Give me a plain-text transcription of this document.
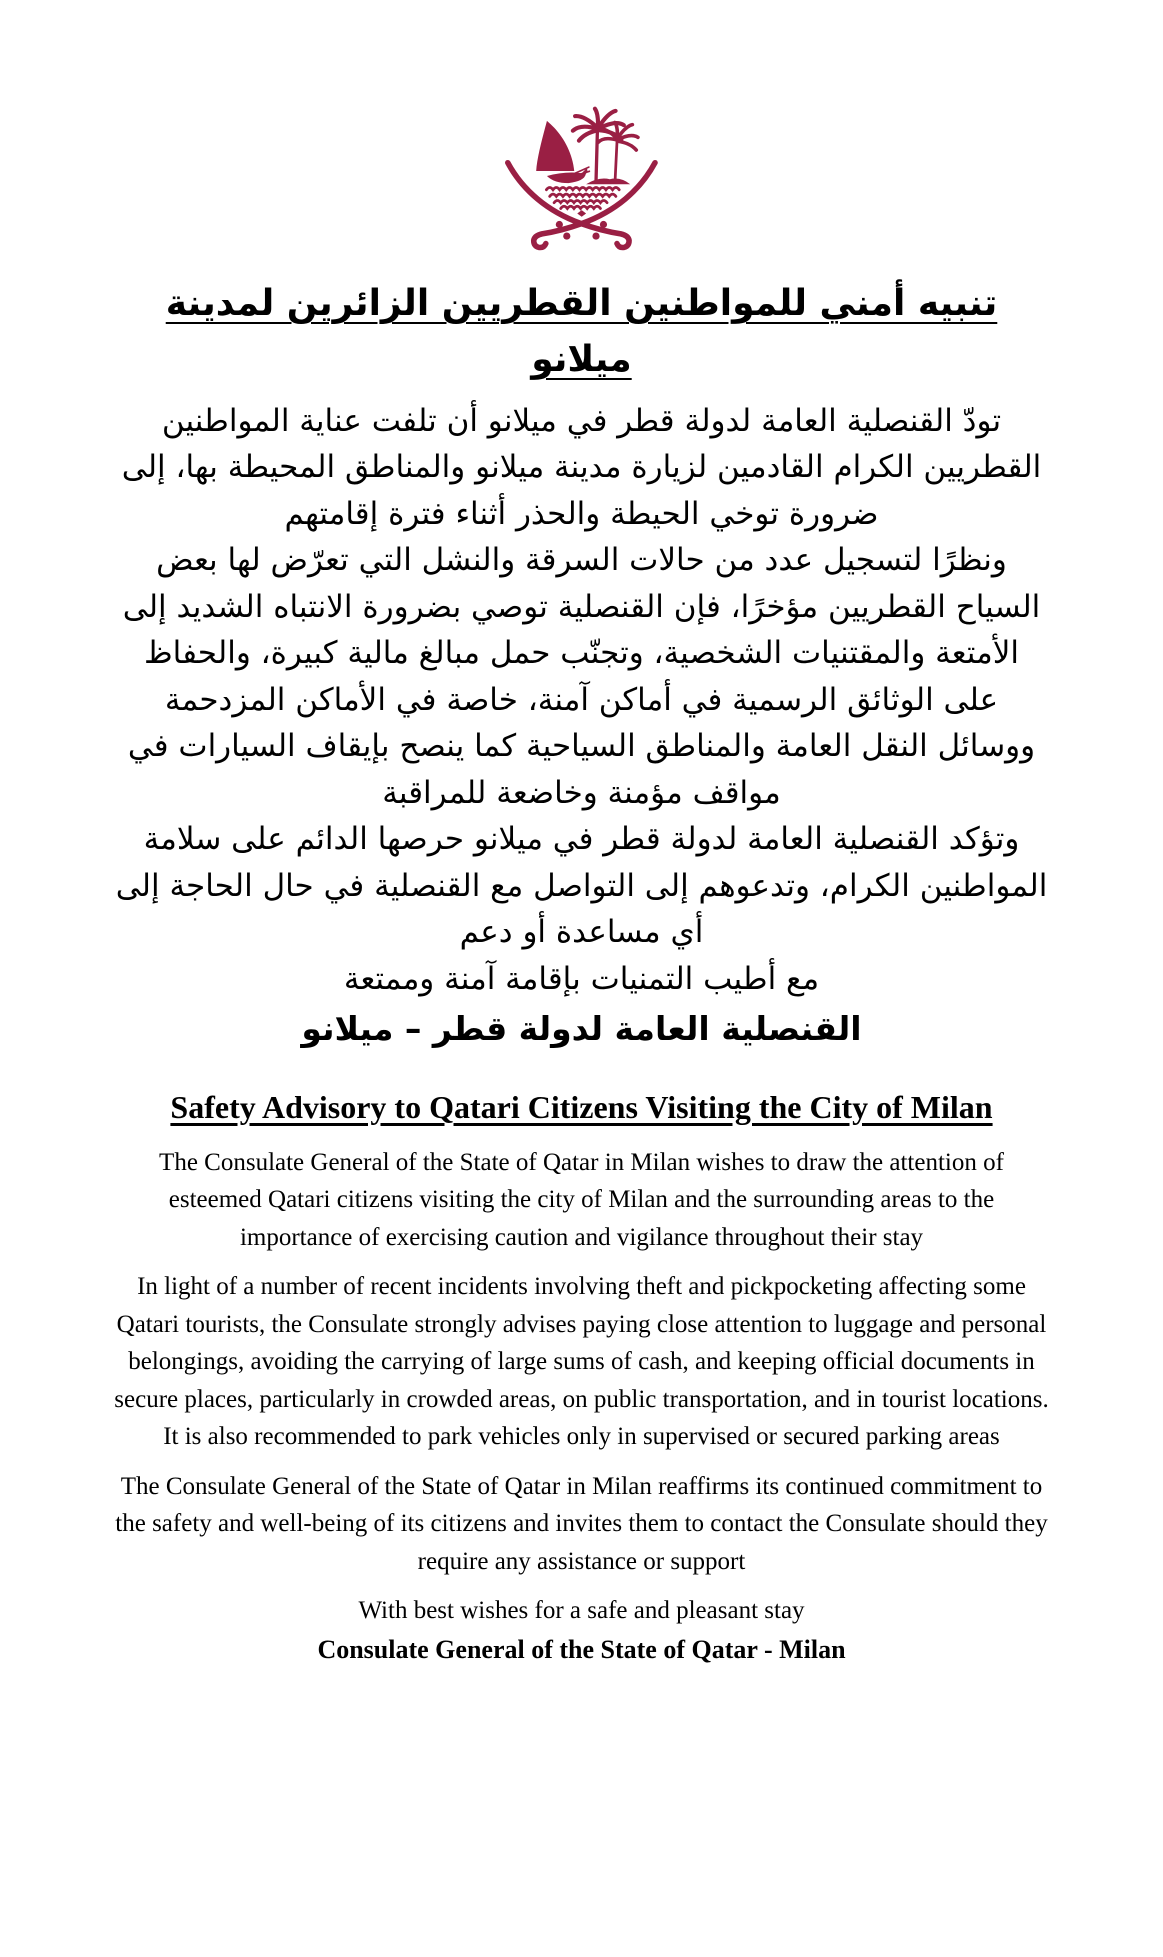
تنبيه أمني للمواطنين القطريين الزائرين لمدينة ميلانو

تودّ القنصلية العامة لدولة قطر في ميلانو أن تلفت عناية المواطنين القطريين الكرام القادمين لزيارة مدينة ميلانو والمناطق المحيطة بها، إلى ضرورة توخي الحيطة والحذر أثناء فترة إقامتهم

ونظرًا لتسجيل عدد من حالات السرقة والنشل التي تعرّض لها بعض السياح القطريين مؤخرًا، فإن القنصلية توصي بضرورة الانتباه الشديد إلى الأمتعة والمقتنيات الشخصية، وتجنّب حمل مبالغ مالية كبيرة، والحفاظ على الوثائق الرسمية في أماكن آمنة، خاصة في الأماكن المزدحمة ووسائل النقل العامة والمناطق السياحية كما ينصح بإيقاف السيارات في مواقف مؤمنة وخاضعة للمراقبة

وتؤكد القنصلية العامة لدولة قطر في ميلانو حرصها الدائم على سلامة المواطنين الكرام، وتدعوهم إلى التواصل مع القنصلية في حال الحاجة إلى أي مساعدة أو دعم

مع أطيب التمنيات بإقامة آمنة وممتعة

القنصلية العامة لدولة قطر – ميلانو

Safety Advisory to Qatari Citizens Visiting the City of Milan

The Consulate General of the State of Qatar in Milan wishes to draw the attention of esteemed Qatari citizens visiting the city of Milan and the surrounding areas to the importance of exercising caution and vigilance throughout their stay

In light of a number of recent incidents involving theft and pickpocketing affecting some Qatari tourists, the Consulate strongly advises paying close attention to luggage and personal belongings, avoiding the carrying of large sums of cash, and keeping official documents in secure places, particularly in crowded areas, on public transportation, and in tourist locations. It is also recommended to park vehicles only in supervised or secured parking areas

The Consulate General of the State of Qatar in Milan reaffirms its continued commitment to the safety and well-being of its citizens and invites them to contact the Consulate should they require any assistance or support

With best wishes for a safe and pleasant stay

Consulate General of the State of Qatar - Milan
